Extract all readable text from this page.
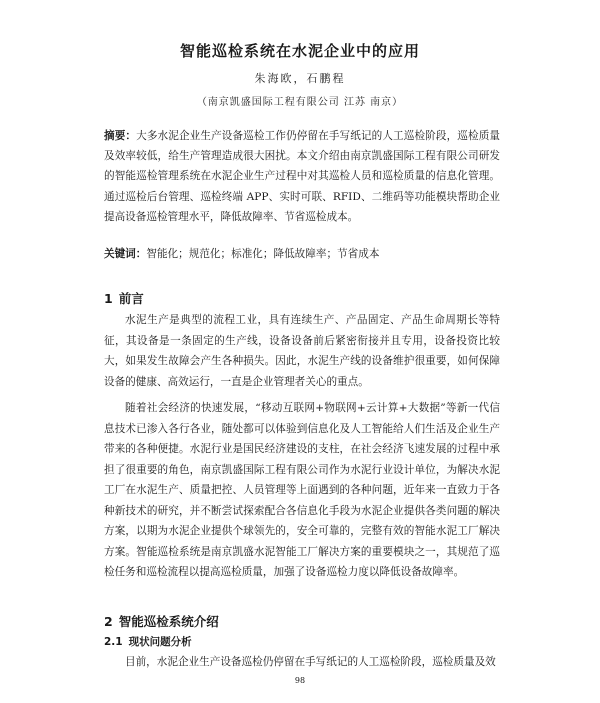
智能巡检系统在水泥企业中的应用
朱海欧，石鹏程
（南京凯盛国际工程有限公司 江苏 南京）
摘要：大多水泥企业生产设备巡检工作仍停留在手写纸记的人工巡检阶段，巡检质量及效率较低，给生产管理造成很大困扰。本文介绍由南京凯盛国际工程有限公司研发的智能巡检管理系统在水泥企业生产过程中对其巡检人员和巡检质量的信息化管理。通过巡检后台管理、巡检终端 APP、实时可联、RFID、二维码等功能模块帮助企业提高设备巡检管理水平，降低故障率、节省巡检成本。
关键词：智能化；规范化；标准化；降低故障率；节省成本
1 前言
水泥生产是典型的流程工业，具有连续生产、产品固定、产品生命周期长等特征，其设备是一条固定的生产线，设备设备前后紧密衔接并且专用，设备投资比较大，如果发生故障会产生各种损失。因此，水泥生产线的设备维护很重要，如何保障设备的健康、高效运行，一直是企业管理者关心的重点。
随着社会经济的快速发展，“移动互联网+物联网+云计算+大数据”等新一代信息技术已渗入各行各业，随处都可以体验到信息化及人工智能给人们生活及企业生产带来的各种便捷。水泥行业是国民经济建设的支柱，在社会经济飞速发展的过程中承担了很重要的角色，南京凯盛国际工程有限公司作为水泥行业设计单位，为解决水泥工厂在水泥生产、质量把控、人员管理等上面遇到的各种问题，近年来一直致力于各种新技术的研究，并不断尝试探索配合各信息化手段为水泥企业提供各类问题的解决方案，以期为水泥企业提供个球领先的，安全可靠的，完整有效的智能水泥工厂解决方案。智能巡检系统是南京凯盛水泥智能工厂解决方案的重要模块之一，其规范了巡检任务和巡检流程以提高巡检质量，加强了设备巡检力度以降低设备故障率。
2 智能巡检系统介绍
2.1 现状问题分析
目前，水泥企业生产设备巡检仍停留在手写纸记的人工巡检阶段，巡检质量及效
98
